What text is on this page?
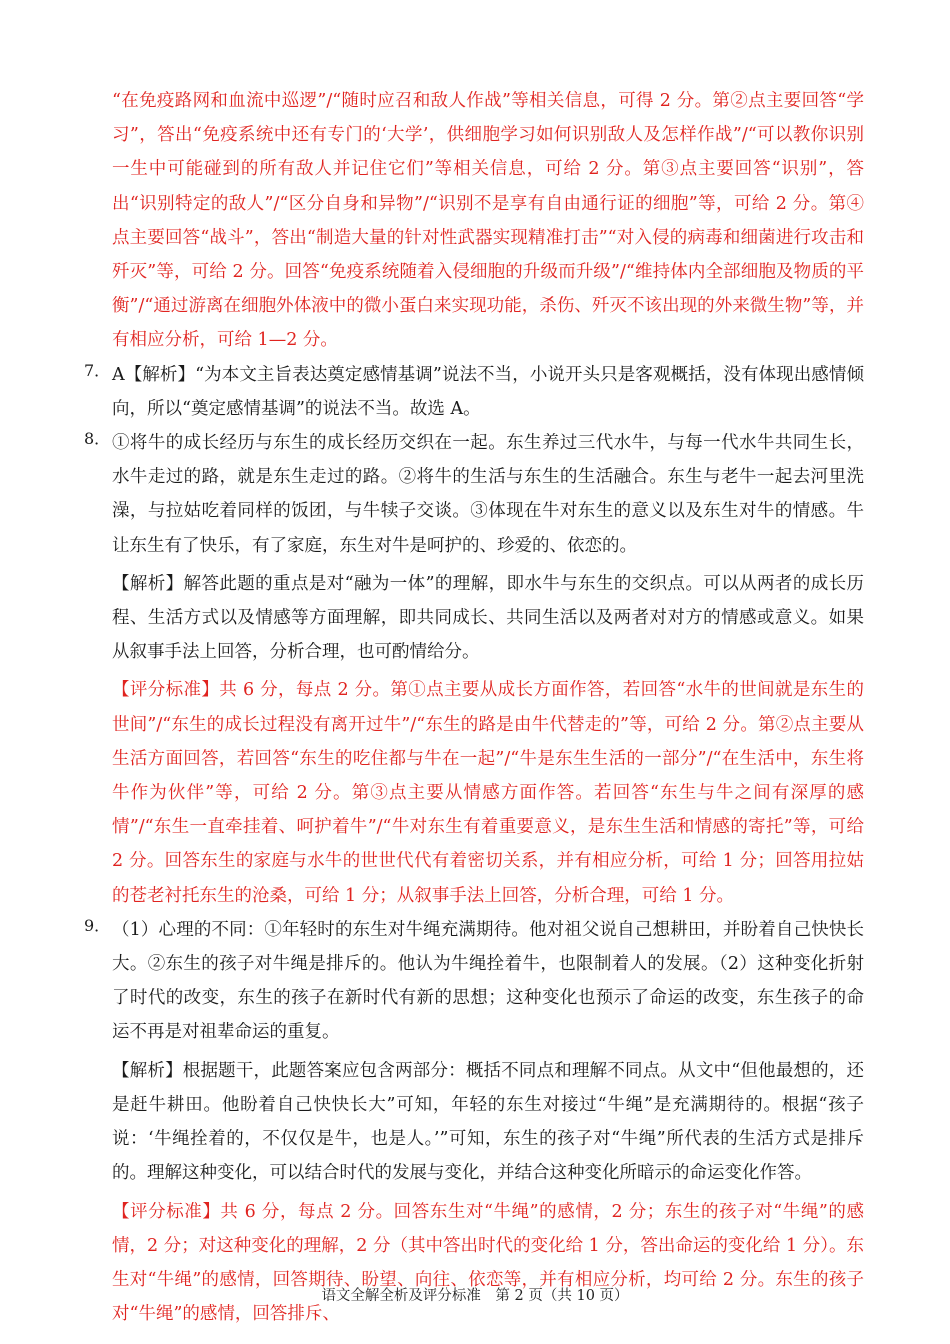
“在免疫路网和血流中巡逻”/“随时应召和敌人作战”等相关信息，可得 2 分。第②点主要回答“学习”，答出“免疫系统中还有专门的‘大学’，供细胞学习如何识别敌人及怎样作战”/“可以教你识别一生中可能碰到的所有敌人并记住它们”等相关信息，可给 2 分。第③点主要回答“识别”，答出“识别特定的敌人”/“区分自身和异物”/“识别不是享有自由通行证的细胞”等，可给 2 分。第④点主要回答“战斗”，答出“制造大量的针对性武器实现精准打击”“对入侵的病毒和细菌进行攻击和歼灭”等，可给 2 分。回答“免疫系统随着入侵细胞的升级而升级”/“维持体内全部细胞及物质的平衡”/“通过游离在细胞外体液中的微小蛋白来实现功能，杀伤、歼灭不该出现的外来微生物”等，并有相应分析，可给 1—2 分。

7． A【解析】“为本文主旨表达奠定感情基调”说法不当，小说开头只是客观概括，没有体现出感情倾向，所以“奠定感情基调”的说法不当。故选 A。

8． ①将牛的成长经历与东生的成长经历交织在一起。东生养过三代水牛，与每一代水牛共同生长，水牛走过的路，就是东生走过的路。②将牛的生活与东生的生活融合。东生与老牛一起去河里洗澡，与拉姑吃着同样的饭团，与牛犊子交谈。③体现在牛对东生的意义以及东生对牛的情感。牛让东生有了快乐，有了家庭，东生对牛是呵护的、珍爱的、依恋的。

【解析】解答此题的重点是对“融为一体”的理解，即水牛与东生的交织点。可以从两者的成长历程、生活方式以及情感等方面理解，即共同成长、共同生活以及两者对对方的情感或意义。如果从叙事手法上回答，分析合理，也可酌情给分。

【评分标准】共 6 分，每点 2 分。第①点主要从成长方面作答，若回答“水牛的世间就是东生的世间”/“东生的成长过程没有离开过牛”/“东生的路是由牛代替走的”等，可给 2 分。第②点主要从生活方面回答，若回答“东生的吃住都与牛在一起”/“牛是东生生活的一部分”/“在生活中，东生将牛作为伙伴”等，可给 2 分。第③点主要从情感方面作答。若回答“东生与牛之间有深厚的感情”/“东生一直牵挂着、呵护着牛”/“牛对东生有着重要意义，是东生生活和情感的寄托”等，可给 2 分。回答东生的家庭与水牛的世世代代有着密切关系，并有相应分析，可给 1 分；回答用拉姑的苍老衬托东生的沧桑，可给 1 分；从叙事手法上回答，分析合理，可给 1 分。

9． （1）心理的不同：①年轻时的东生对牛绳充满期待。他对祖父说自己想耕田，并盼着自己快快长大。②东生的孩子对牛绳是排斥的。他认为牛绳拴着牛，也限制着人的发展。（2）这种变化折射了时代的改变，东生的孩子在新时代有新的思想；这种变化也预示了命运的改变，东生孩子的命运不再是对祖辈命运的重复。

【解析】根据题干，此题答案应包含两部分：概括不同点和理解不同点。从文中“但他最想的，还是赶牛耕田。他盼着自己快快长大”可知，年轻的东生对接过“牛绳”是充满期待的。根据“孩子说：‘牛绳拴着的，不仅仅是牛，也是人。’”可知，东生的孩子对“牛绳”所代表的生活方式是排斥的。理解这种变化，可以结合时代的发展与变化，并结合这种变化所暗示的命运变化作答。

【评分标准】共 6 分，每点 2 分。回答东生对“牛绳”的感情，2 分；东生的孩子对“牛绳”的感情，2 分；对这种变化的理解，2 分（其中答出时代的变化给 1 分，答出命运的变化给 1 分）。东生对“牛绳”的感情，回答期待、盼望、向往、依恋等，并有相应分析，均可给 2 分。东生的孩子对“牛绳”的感情，回答排斥、

语文全解全析及评分标准　第 2 页（共 10 页）
